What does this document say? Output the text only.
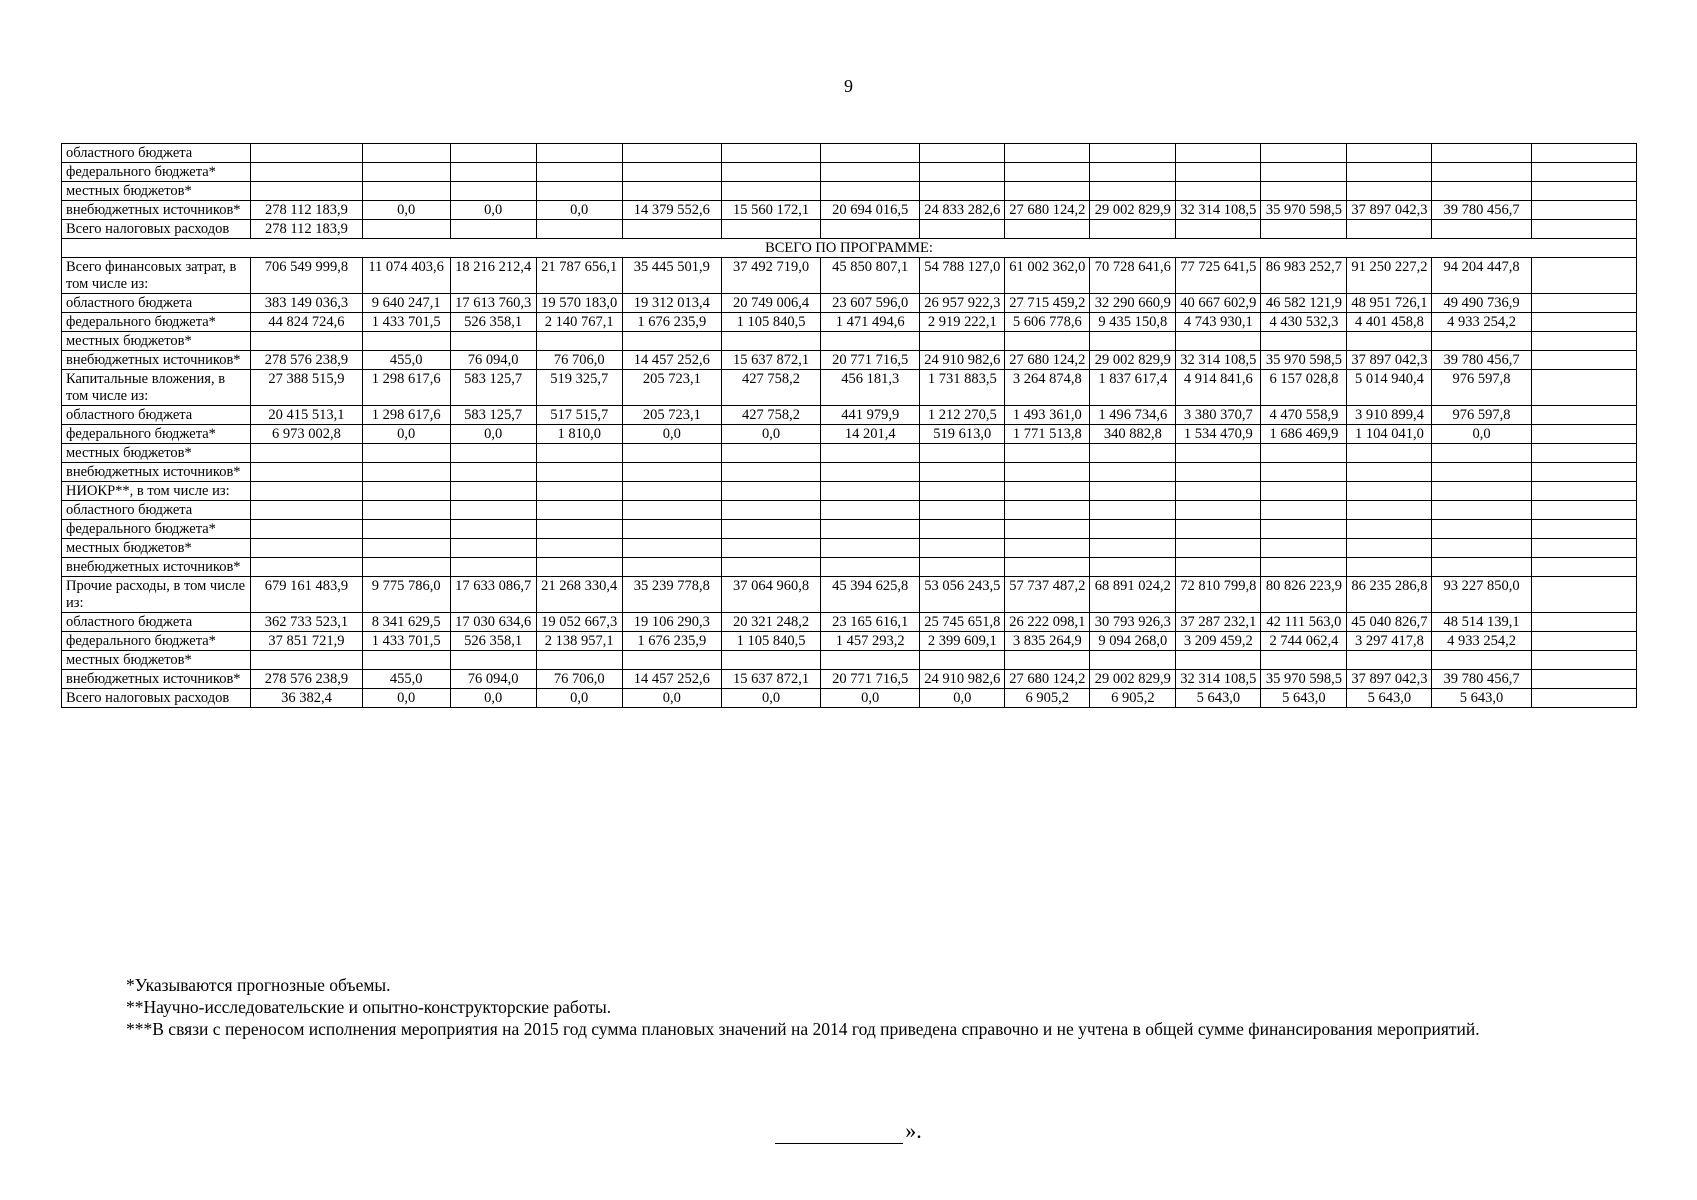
9
областного бюджета															
федерального бюджета*															
местных бюджетов*															
внебюджетных источников*	278 112 183,9	0,0	0,0	0,0	14 379 552,6	15 560 172,1	20 694 016,5	24 833 282,6	27 680 124,2	29 002 829,9	32 314 108,5	35 970 598,5	37 897 042,3	39 780 456,7	
Всего налоговых расходов	278 112 183,9														
ВСЕГО ПО ПРОГРАММЕ:															
Всего финансовых затрат, в том числе из:	706 549 999,8	11 074 403,6	18 216 212,4	21 787 656,1	35 445 501,9	37 492 719,0	45 850 807,1	54 788 127,0	61 002 362,0	70 728 641,6	77 725 641,5	86 983 252,7	91 250 227,2	94 204 447,8	
областного бюджета	383 149 036,3	9 640 247,1	17 613 760,3	19 570 183,0	19 312 013,4	20 749 006,4	23 607 596,0	26 957 922,3	27 715 459,2	32 290 660,9	40 667 602,9	46 582 121,9	48 951 726,1	49 490 736,9	
федерального бюджета*	44 824 724,6	1 433 701,5	526 358,1	2 140 767,1	1 676 235,9	1 105 840,5	1 471 494,6	2 919 222,1	5 606 778,6	9 435 150,8	4 743 930,1	4 430 532,3	4 401 458,8	4 933 254,2	
местных бюджетов*															
внебюджетных источников*	278 576 238,9	455,0	76 094,0	76 706,0	14 457 252,6	15 637 872,1	20 771 716,5	24 910 982,6	27 680 124,2	29 002 829,9	32 314 108,5	35 970 598,5	37 897 042,3	39 780 456,7	
Капитальные вложения, в том числе из:	27 388 515,9	1 298 617,6	583 125,7	519 325,7	205 723,1	427 758,2	456 181,3	1 731 883,5	3 264 874,8	1 837 617,4	4 914 841,6	6 157 028,8	5 014 940,4	976 597,8	
областного бюджета	20 415 513,1	1 298 617,6	583 125,7	517 515,7	205 723,1	427 758,2	441 979,9	1 212 270,5	1 493 361,0	1 496 734,6	3 380 370,7	4 470 558,9	3 910 899,4	976 597,8	
федерального бюджета*	6 973 002,8	0,0	0,0	1 810,0	0,0	0,0	14 201,4	519 613,0	1 771 513,8	340 882,8	1 534 470,9	1 686 469,9	1 104 041,0	0,0	
местных бюджетов*															
внебюджетных источников*															
НИОКР**, в том числе из:															
областного бюджета															
федерального бюджета*															
местных бюджетов*															
внебюджетных источников*															
Прочие расходы, в том числе из:	679 161 483,9	9 775 786,0	17 633 086,7	21 268 330,4	35 239 778,8	37 064 960,8	45 394 625,8	53 056 243,5	57 737 487,2	68 891 024,2	72 810 799,8	80 826 223,9	86 235 286,8	93 227 850,0	
областного бюджета	362 733 523,1	8 341 629,5	17 030 634,6	19 052 667,3	19 106 290,3	20 321 248,2	23 165 616,1	25 745 651,8	26 222 098,1	30 793 926,3	37 287 232,1	42 111 563,0	45 040 826,7	48 514 139,1	
федерального бюджета*	37 851 721,9	1 433 701,5	526 358,1	2 138 957,1	1 676 235,9	1 105 840,5	1 457 293,2	2 399 609,1	3 835 264,9	9 094 268,0	3 209 459,2	2 744 062,4	3 297 417,8	4 933 254,2	
местных бюджетов*															
внебюджетных источников*	278 576 238,9	455,0	76 094,0	76 706,0	14 457 252,6	15 637 872,1	20 771 716,5	24 910 982,6	27 680 124,2	29 002 829,9	32 314 108,5	35 970 598,5	37 897 042,3	39 780 456,7	
Всего налоговых расходов	36 382,4	0,0	0,0	0,0	0,0	0,0	0,0	0,0	6 905,2	6 905,2	5 643,0	5 643,0	5 643,0	5 643,0	

*Указываются прогнозные объемы.

**Научно-исследовательские и опытно-конструкторские работы.

***В связи с переносом исполнения мероприятия на 2015 год сумма плановых значений на 2014 год приведена справочно и не учтена в общей сумме финансирования мероприятий.

».
